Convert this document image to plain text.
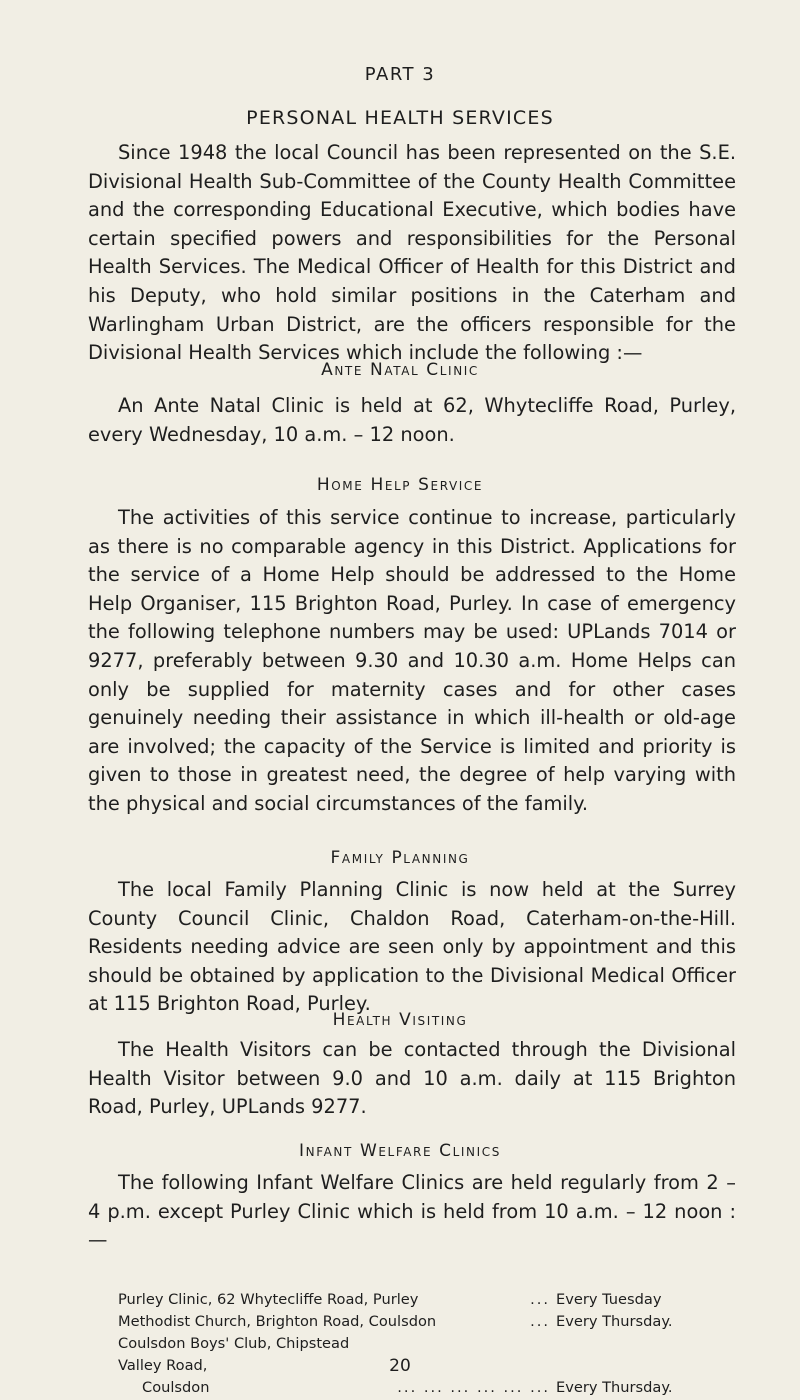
PART 3
PERSONAL HEALTH SERVICES

Since 1948 the local Council has been represented on the S.E. Divisional Health Sub-Committee of the County Health Committee and the corresponding Educational Executive, which bodies have certain specified powers and responsibilities for the Personal Health Services. The Medical Officer of Health for this District and his Deputy, who hold similar positions in the Caterham and Warlingham Urban District, are the officers responsible for the Divisional Health Services which include the following :—

Ante Natal Clinic

An Ante Natal Clinic is held at 62, Whytecliffe Road, Purley, every Wednesday, 10 a.m. – 12 noon.

Home Help Service

The activities of this service continue to increase, particularly as there is no comparable agency in this District. Applications for the service of a Home Help should be addressed to the Home Help Organiser, 115 Brighton Road, Purley. In case of emergency the following telephone numbers may be used: UPLands 7014 or 9277, preferably between 9.30 and 10.30 a.m. Home Helps can only be supplied for maternity cases and for other cases genuinely needing their assistance in which ill-health or old-age are involved; the capacity of the Service is limited and priority is given to those in greatest need, the degree of help varying with the physical and social circumstances of the family.

Family Planning

The local Family Planning Clinic is now held at the Surrey County Council Clinic, Chaldon Road, Caterham-on-the-Hill. Residents needing advice are seen only by appointment and this should be obtained by application to the Divisional Medical Officer at 115 Brighton Road, Purley.

Health Visiting

The Health Visitors can be contacted through the Divisional Health Visitor between 9.0 and 10 a.m. daily at 115 Brighton Road, Purley, UPLands 9277.

Infant Welfare Clinics

The following Infant Welfare Clinics are held regularly from 2 – 4 p.m. except Purley Clinic which is held from 10 a.m. – 12 noon :—

Purley Clinic, 62 Whytecliffe Road, Purley	... Every Tuesday
Methodist Church, Brighton Road, Coulsdon	... Every Thursday.
Coulsdon Boys' Club, Chipstead Valley Road,
Coulsdon	... ... ... ... ... ... Every Thursday.
20
